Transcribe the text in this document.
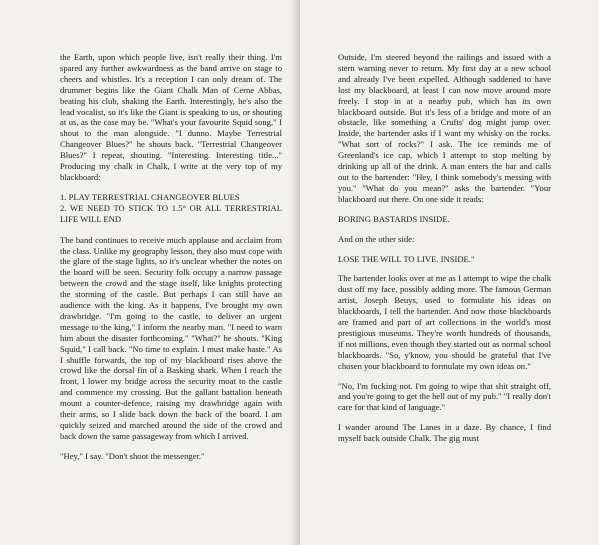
the Earth, upon which people live, isn't really their thing. I'm spared any further awkwardness as the band arrive on stage to cheers and whistles. It's a reception I can only dream of. The drummer begins like the Giant Chalk Man of Cerne Abbas, beating his club, shaking the Earth. Interestingly, he's also the lead vocalist, so it's like the Giant is speaking to us, or shouting at us, as the case may be. "What's your favourite Squid song," I shout to the man alongside. "I dunno. Maybe Terrestrial Changeover Blues?" he shouts back. "Terrestrial Changeover Blues?" I repeat, shouting. "Interesting. Interesting title..." Producing my chalk in Chalk, I write at the very top of my blackboard:

1. PLAY TERRESTRIAL CHANGEOVER BLUES
2. WE NEED TO STICK TO 1.5° OR ALL TERRESTRIAL LIFE WILL END

The band continues to receive much applause and acclaim from the class. Unlike my geography lesson, they also must cope with the glare of the stage lights, so it's unclear whether the notes on the board will be seen. Security folk occupy a narrow passage between the crowd and the stage itself, like knights protecting the storming of the castle. But perhaps I can still have an audience with the king. As it happens, I've brought my own drawbridge. "I'm going to the castle, to deliver an urgent message to the king," I inform the nearby man. "I need to warn him about the disaster forthcoming." "What?" he shouts. "King Squid," I call back. "No time to explain. I must make haste." As I shuffle forwards, the top of my blackboard rises above the crowd like the dorsal fin of a Basking shark. When I reach the front, I lower my bridge across the security moat to the castle and commence my crossing. But the gallant battalion beneath mount a counter-defence, raising my drawbridge again with their arms, so I slide back down the back of the board. I am quickly seized and marched around the side of the crowd and back down the same passageway from which I arrived.

"Hey," I say. "Don't shoot the messenger."

Outside, I'm steered beyond the railings and issued with a stern warning never to return. My first day at a new school and already I've been expelled. Although saddened to have lost my blackboard, at least I can now move around more freely. I stop in at a nearby pub, which has its own blackboard outside. But it's less of a bridge and more of an obstacle, like something a Crufts' dog might jump over. Inside, the bartender asks if I want my whisky on the rocks. "What sort of rocks?" I ask. The ice reminds me of Greenland's ice cap, which I attempt to stop melting by drinking up all of the drink. A man enters the bar and calls out to the bartender: "Hey, I think somebody's messing with you." "What do you mean?" asks the bartender. "Your blackboard out there. On one side it reads:

BORING BASTARDS INSIDE.

And on the other side:

LOSE THE WILL TO LIVE. INSIDE."

The bartender looks over at me as I attempt to wipe the chalk dust off my face, possibly adding more. The famous German artist, Joseph Beuys, used to formulate his ideas on blackboards, I tell the bartender. And now those blackboards are framed and part of art collections in the world's most prestigious museums. They're worth hundreds of thousands, if not millions, even though they started out as normal school blackboards. "So, y'know, you should be grateful that I've chosen your blackboard to formulate my own ideas on."

"No, I'm fucking not. I'm going to wipe that shit straight off, and you're going to get the hell out of my pub." "I really don't care for that kind of language."

I wander around The Lanes in a daze. By chance, I find myself back outside Chalk. The gig must
